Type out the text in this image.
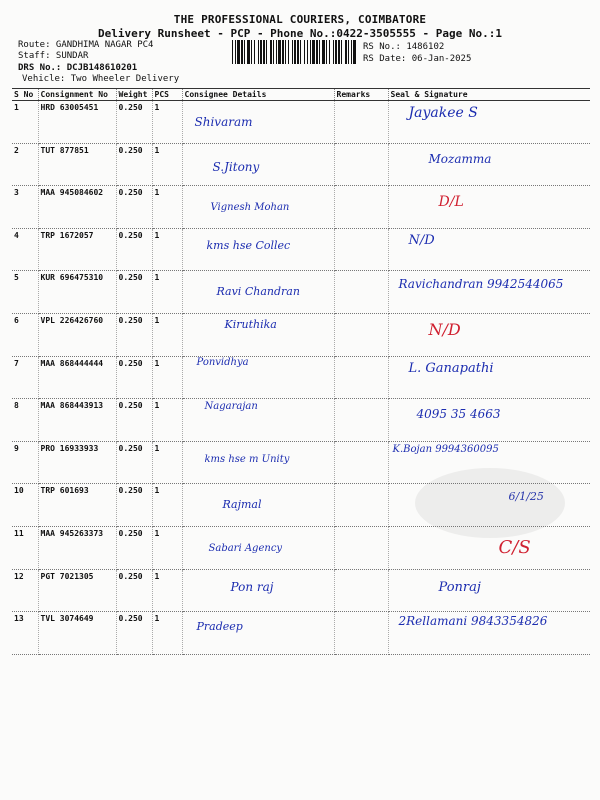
THE PROFESSIONAL COURIERS, COIMBATORE
Delivery Runsheet - PCP - Phone No.:0422-3505555 - Page No.:1
Route: GANDHIMA NAGAR PC4
Staff: SUNDAR
DRS No.: DCJB148610201
Vehicle: Two Wheeler Delivery
RS No.: 1486102
RS Date: 06-Jan-2025
S No	Consignment No	Weight	PCS	Consignee Details	Remarks	Seal & Signature
1	HRD 63005451	0.250	1	Shivaram		Jayakee S

2	TUT 877851	0.250	1	S.Jitony		Mozamma

3	MAA 945084602	0.250	1	Vignesh Mohan		D/L

4	TRP 1672057	0.250	1	kms hse Collec		N/D

5	KUR 696475310	0.250	1	Ravi Chandran		Ravichandran 9942544065

6	VPL 226426760	0.250	1	Kiruthika		N/D

7	MAA 868444444	0.250	1	Ponvidhya		L. Ganapathi

8	MAA 868443913	0.250	1	Nagarajan		4095 35 4663

9	PRO 16933933	0.250	1	kms hse m Unity		K.Bojan 9994360095

10	TRP 601693	0.250	1	Rajmal		6/1/25

11	MAA 945263373	0.250	1	Sabari Agency		C/S

12	PGT 7021305	0.250	1	Pon raj		Ponraj

13	TVL 3074649	0.250	1	Pradeep		2Rellamani 9843354826
